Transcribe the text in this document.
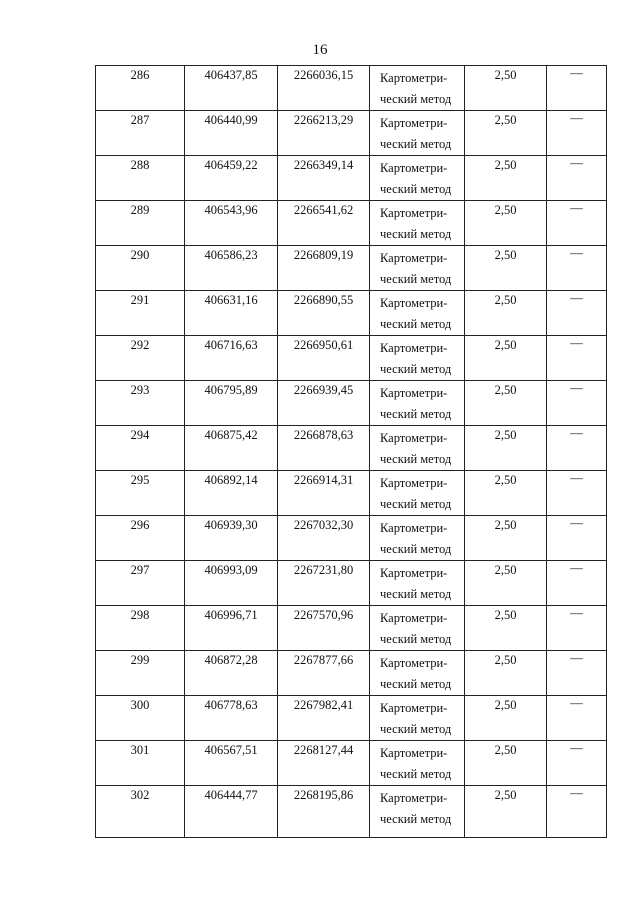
16
286	406437,85	2266036,15	Картометри-
ческий метод	2,50	—
287	406440,99	2266213,29	Картометри-
ческий метод	2,50	—
288	406459,22	2266349,14	Картометри-
ческий метод	2,50	—
289	406543,96	2266541,62	Картометри-
ческий метод	2,50	—
290	406586,23	2266809,19	Картометри-
ческий метод	2,50	—
291	406631,16	2266890,55	Картометри-
ческий метод	2,50	—
292	406716,63	2266950,61	Картометри-
ческий метод	2,50	—
293	406795,89	2266939,45	Картометри-
ческий метод	2,50	—
294	406875,42	2266878,63	Картометри-
ческий метод	2,50	—
295	406892,14	2266914,31	Картометри-
ческий метод	2,50	—
296	406939,30	2267032,30	Картометри-
ческий метод	2,50	—
297	406993,09	2267231,80	Картометри-
ческий метод	2,50	—
298	406996,71	2267570,96	Картометри-
ческий метод	2,50	—
299	406872,28	2267877,66	Картометри-
ческий метод	2,50	—
300	406778,63	2267982,41	Картометри-
ческий метод	2,50	—
301	406567,51	2268127,44	Картометри-
ческий метод	2,50	—
302	406444,77	2268195,86	Картометри-
ческий метод	2,50	—
